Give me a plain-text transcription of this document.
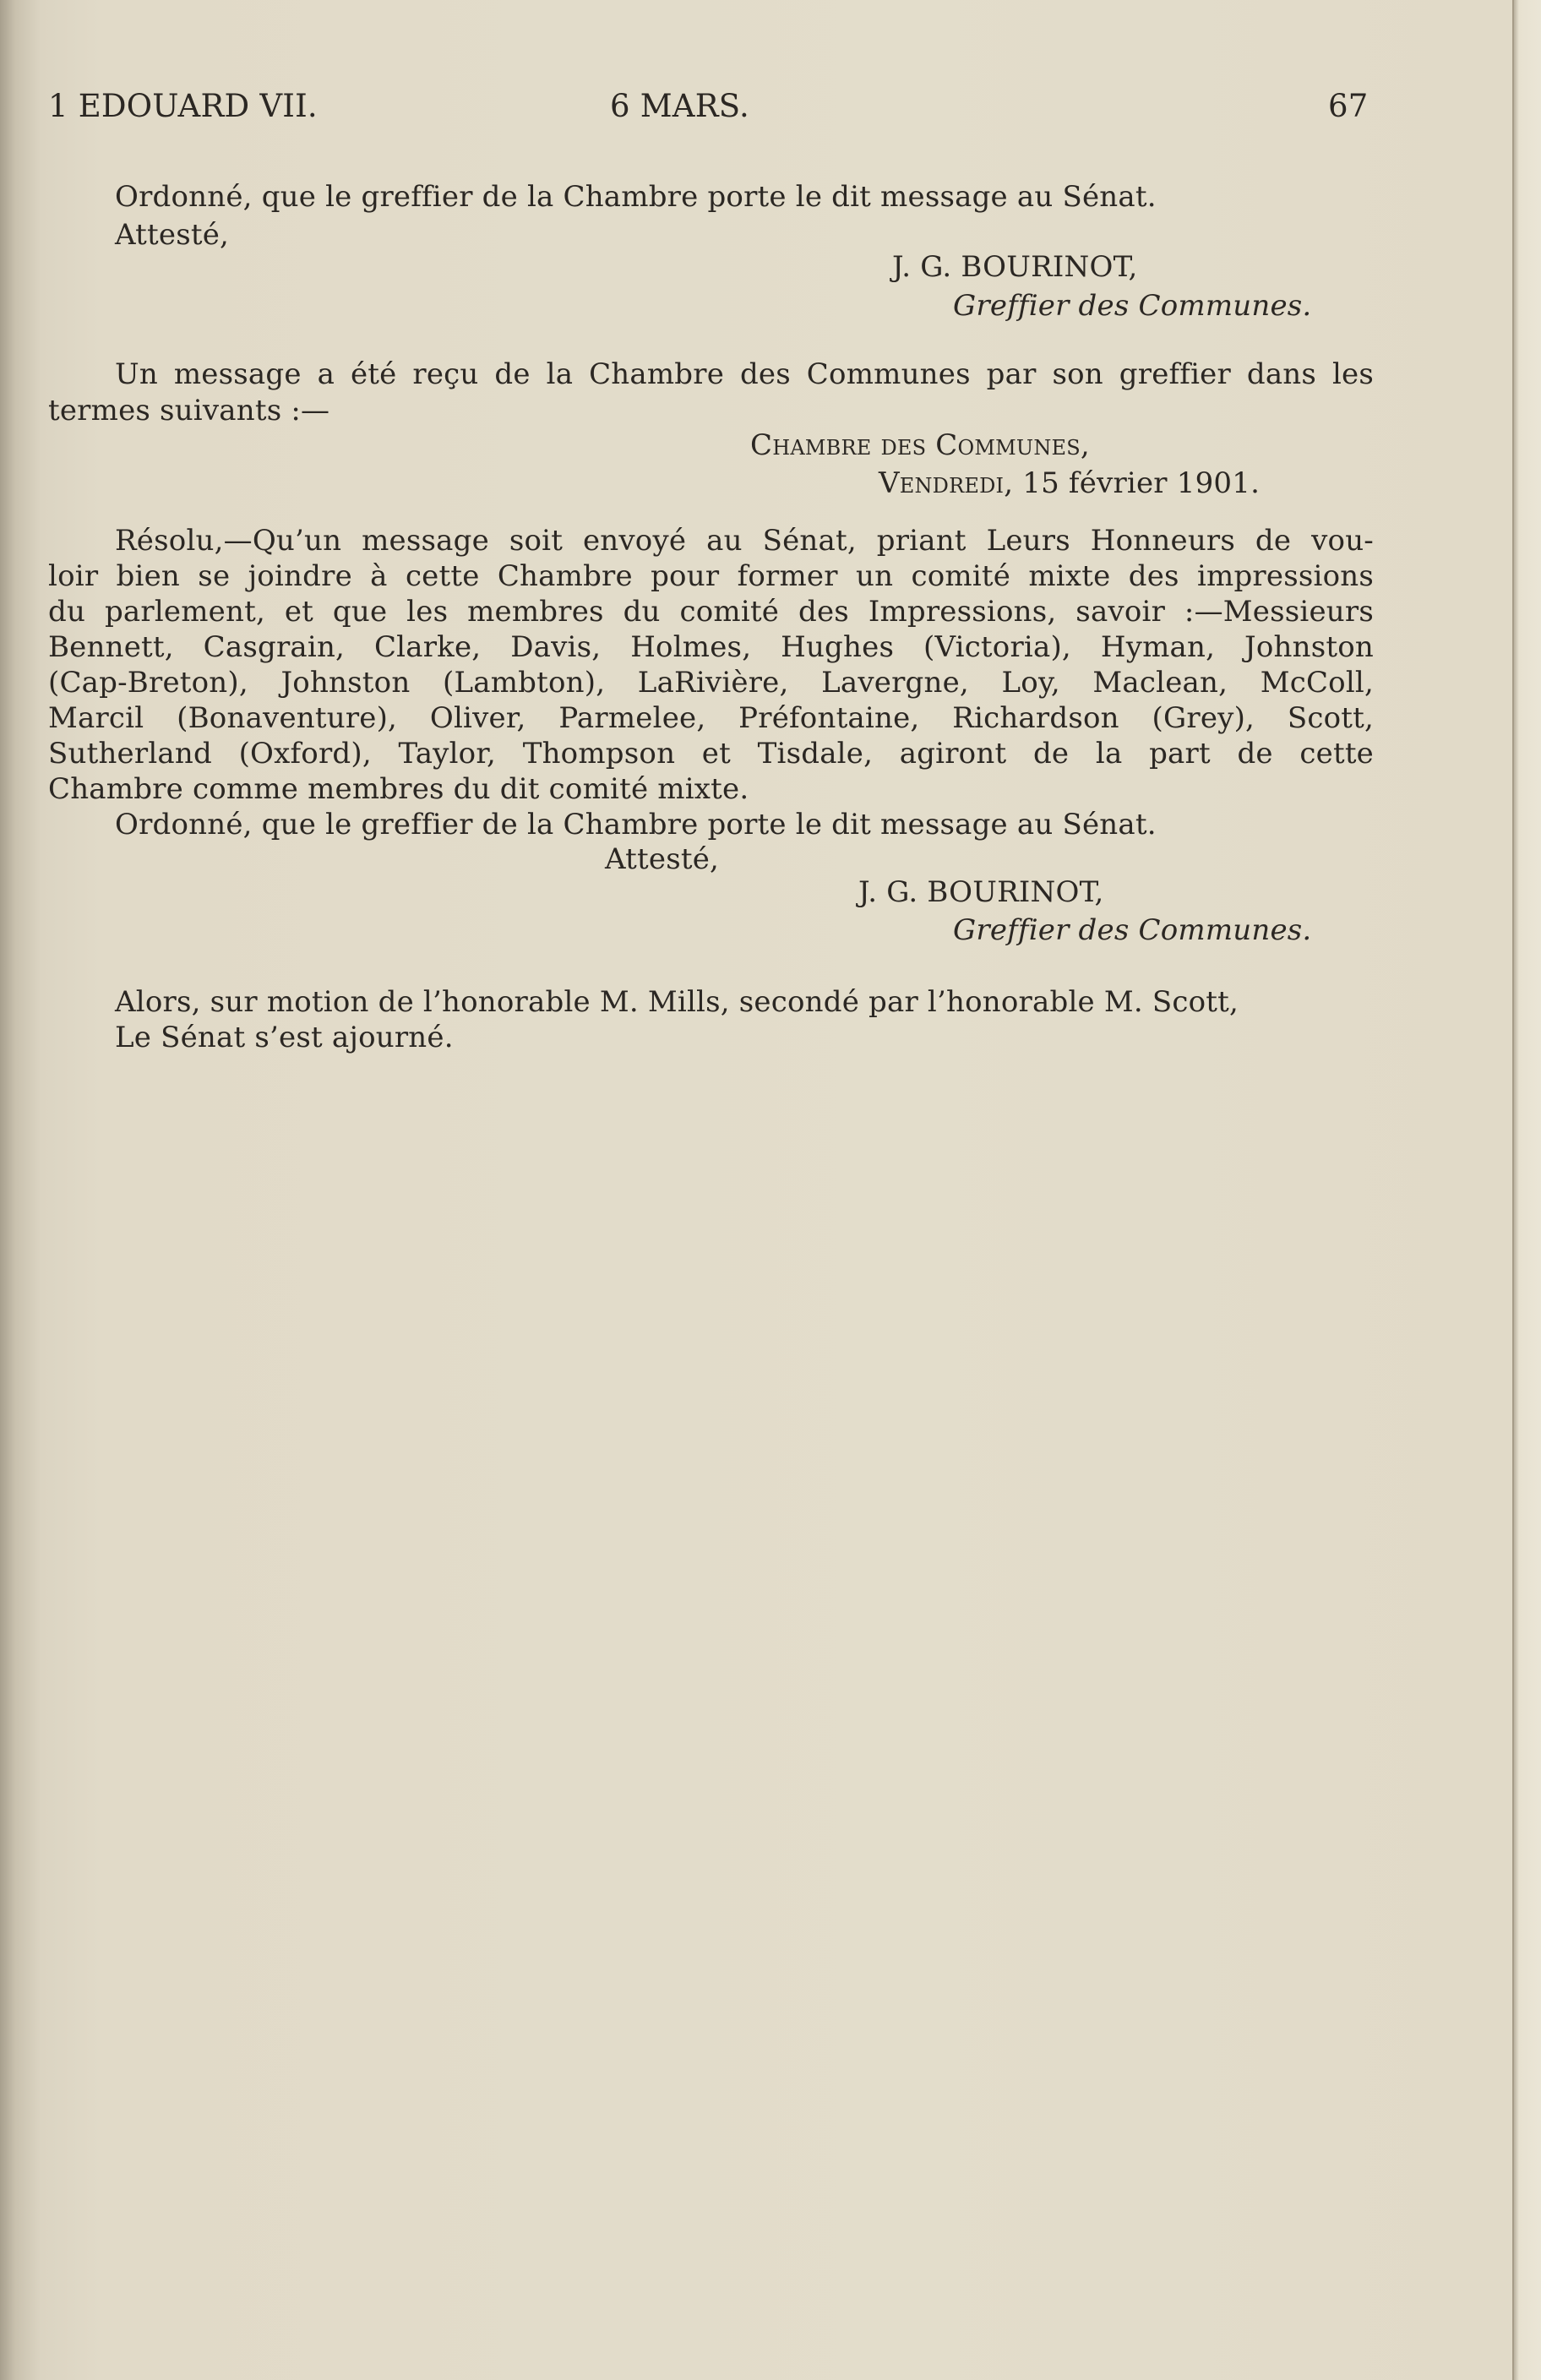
1 EDOUARD VII.	6 MARS.	67
Ordonné, que le greffier de la Chambre porte le dit message au Sénat.
Attesté,
J. G. BOURINOT,
Greffier des Communes.
Un message a été reçu de la Chambre des Communes par son greffier dans les
termes suivants :—
Chambre des Communes,
Vendredi, 15 février 1901.
Résolu,—Qu’un message soit envoyé au Sénat, priant Leurs Honneurs de vou-
loir bien se joindre à cette Chambre pour former un comité mixte des impressions
du parlement, et que les membres du comité des Impressions, savoir :—Messieurs
Bennett, Casgrain, Clarke, Davis, Holmes, Hughes (Victoria), Hyman, Johnston
(Cap-Breton), Johnston (Lambton), LaRivière, Lavergne, Loy, Maclean, McColl,
Marcil (Bonaventure), Oliver, Parmelee, Préfontaine, Richardson (Grey), Scott,
Sutherland (Oxford), Taylor, Thompson et Tisdale, agiront de la part de cette
Chambre comme membres du dit comité mixte.
Ordonné, que le greffier de la Chambre porte le dit message au Sénat.
Attesté,
J. G. BOURINOT,
Greffier des Communes.
Alors, sur motion de l’honorable M. Mills, secondé par l’honorable M. Scott,
Le Sénat s’est ajourné.
